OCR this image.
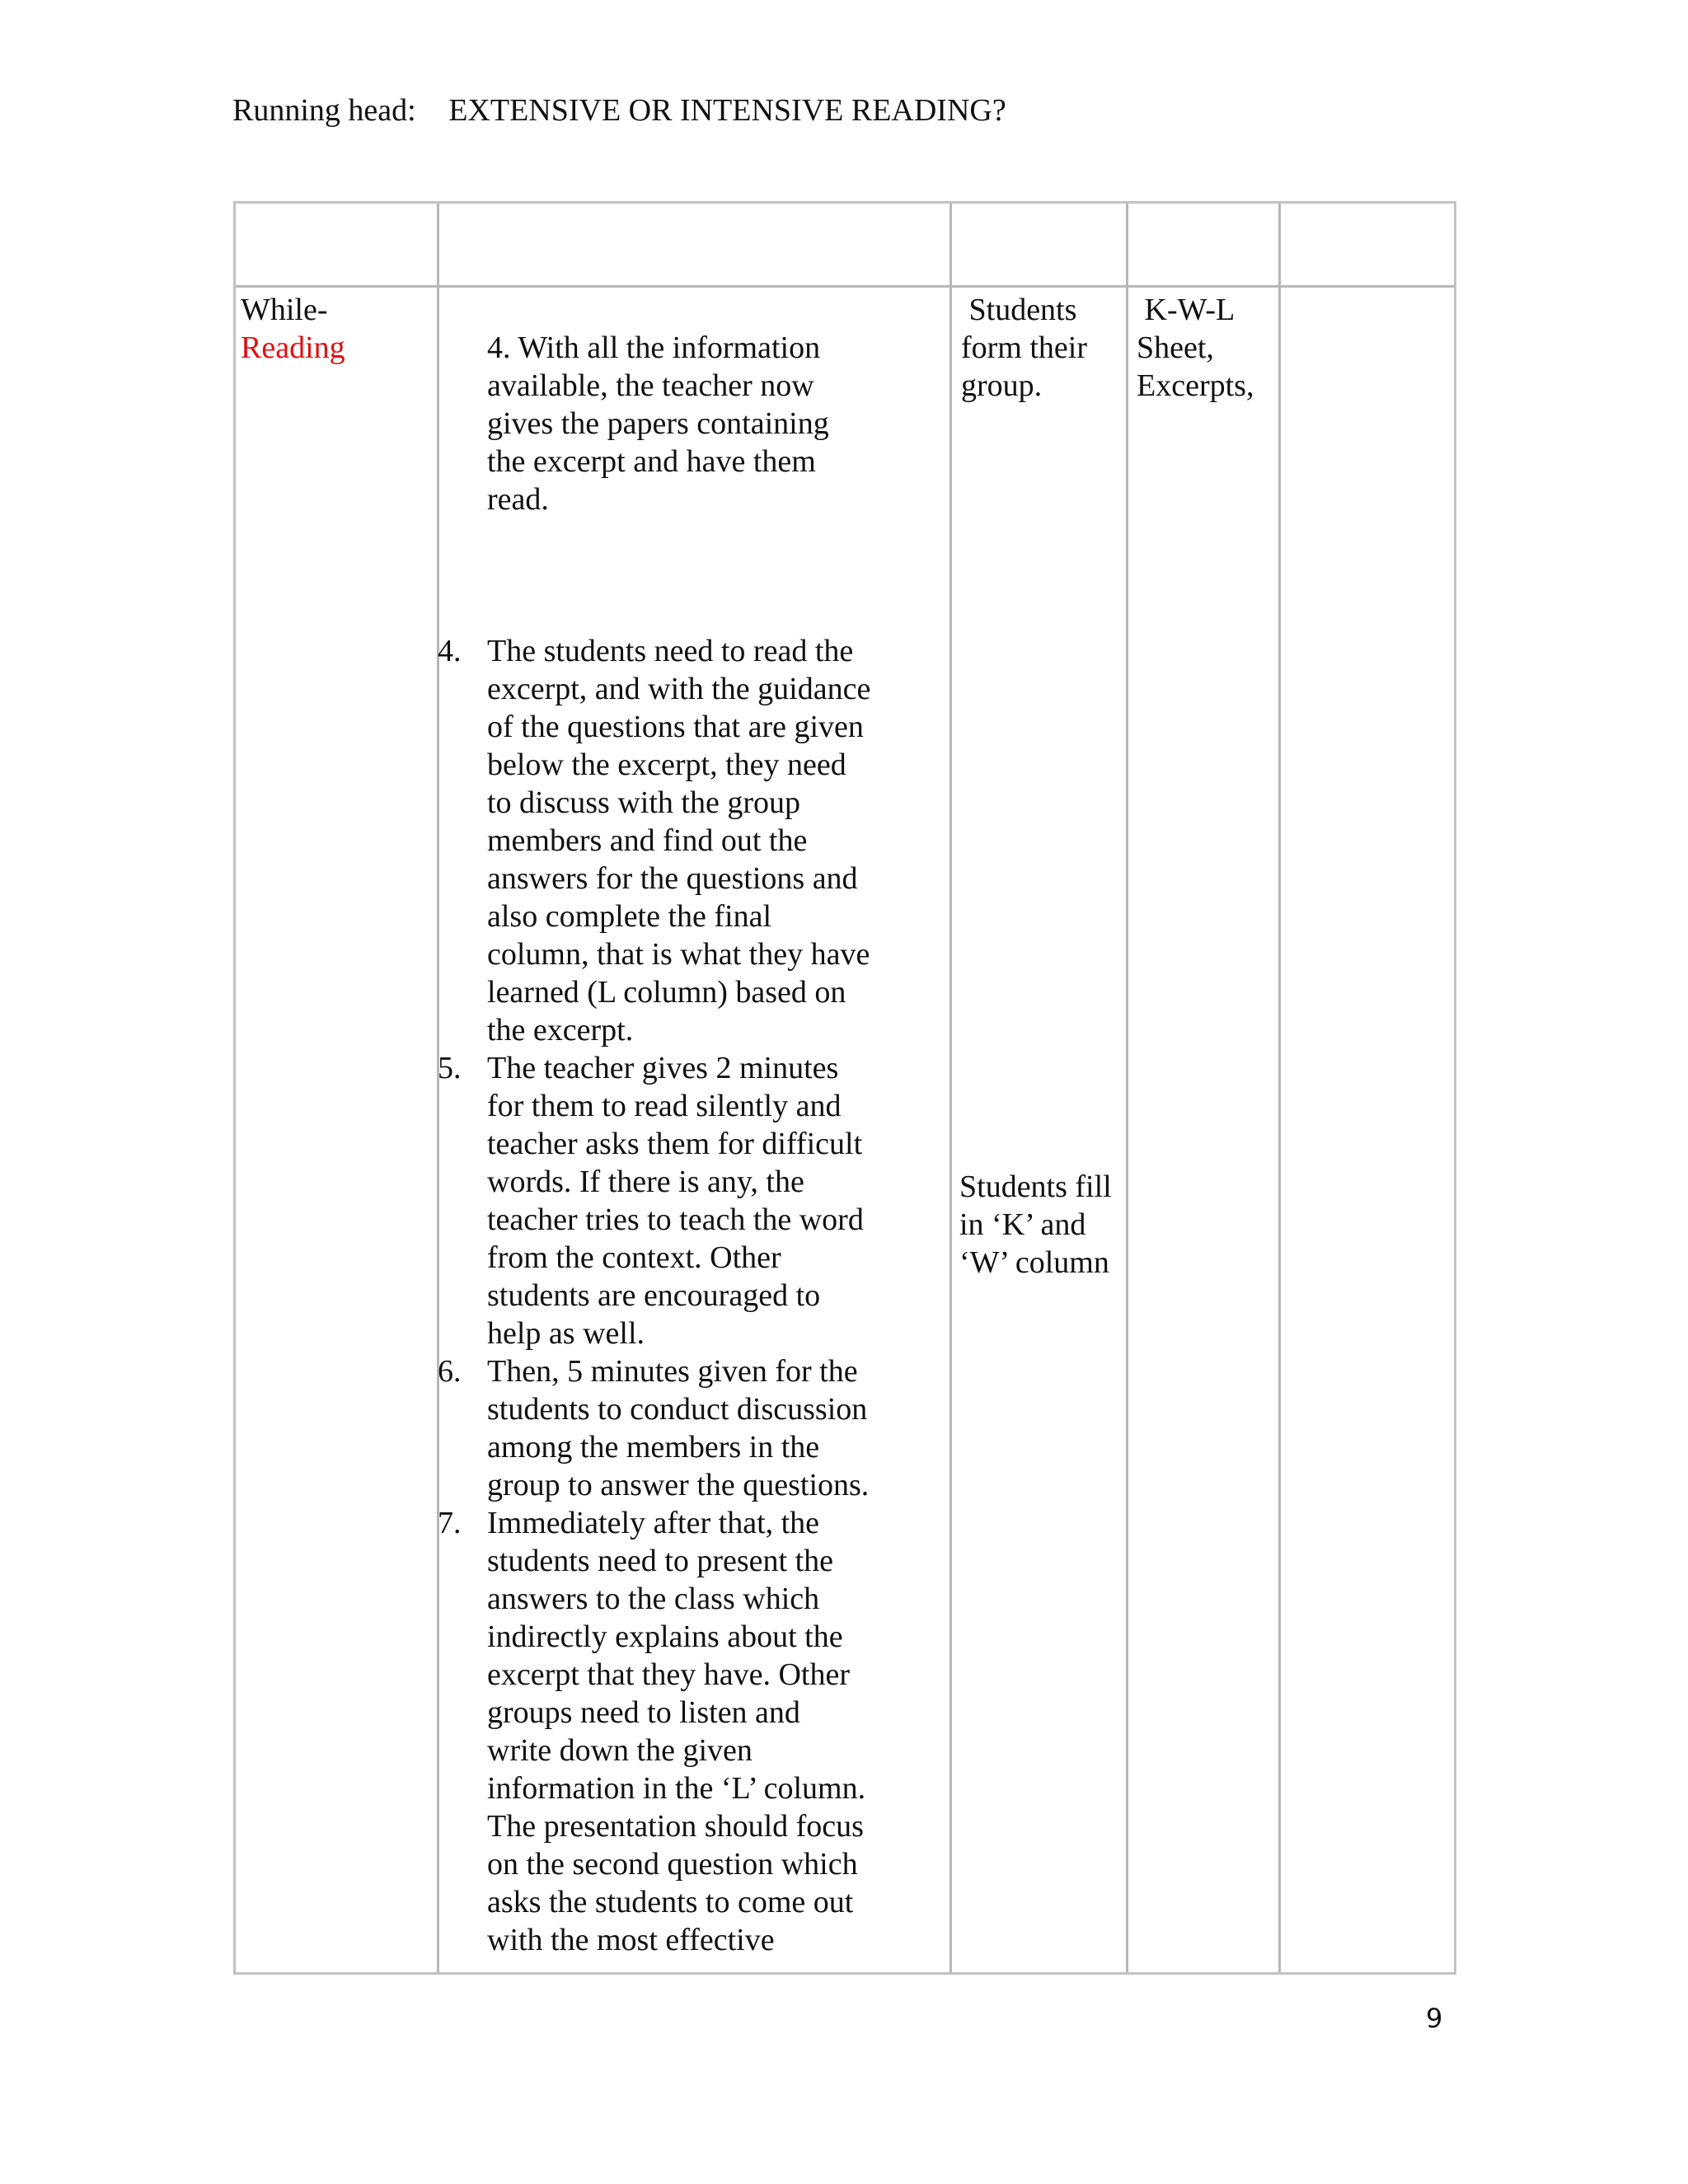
Running head: EXTENSIVE OR INTENSIVE READING?
While-
Reading	4. With all the information
available, the teacher now
gives the papers containing
the excerpt and have them
read.
4. The students need to read the
excerpt, and with the guidance
of the questions that are given
below the excerpt, they need
to discuss with the group
members and find out the
answers for the questions and
also complete the final
column, that is what they have
learned (L column) based on
the excerpt.
5. The teacher gives 2 minutes
for them to read silently and
teacher asks them for difficult
words. If there is any, the
teacher tries to teach the word
from the context. Other
students are encouraged to
help as well.
6. Then, 5 minutes given for the
students to conduct discussion
among the members in the
group to answer the questions.
7. Immediately after that, the
students need to present the
answers to the class which
indirectly explains about the
excerpt that they have. Other
groups need to listen and
write down the given
information in the ‘L’ column.
The presentation should focus
on the second question which
asks the students to come out
with the most effective
Students
form their
group.
Students fill
in ‘K’ and
‘W’ column
K-W-L
Sheet,
Excerpts,
9
